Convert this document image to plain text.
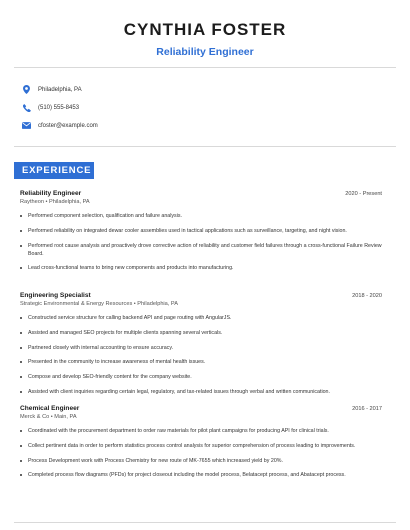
CYNTHIA FOSTER
Reliability Engineer
Philadelphia, PA
(510) 555-8453
cfoster@example.com
EXPERIENCE
Reliability Engineer	2020 - Present
Raytheon • Philadelphia, PA
Performed component selection, qualification and failure analysis.
Performed reliability on integrated dewar cooler assemblies used in tactical applications such as surveillance, targeting, and night vision.
Performed root cause analysis and proactively drove corrective action of reliability and customer field failures through a cross-functional Failure Review Board.
Lead cross-functional teams to bring new components and products into manufacturing.
Engineering Specialist	2018 - 2020
Strategic Environmental & Energy Resources • Philadelphia, PA
Constructed service structure for calling backend API and page routing with AngularJS.
Assisted and managed SEO projects for multiple clients spanning several verticals.
Partnered closely with internal accounting to ensure accuracy.
Presented in the community to increase awareness of mental health issues.
Compose and develop SEO-friendly content for the company website.
Assisted with client inquiries regarding certain legal, regulatory, and tax-related issues through verbal and written communication.
Chemical Engineer	2016 - 2017
Merck & Co • Main, PA
Coordinated with the procurement department to order raw materials for pilot plant campaigns for producing API for clinical trials.
Collect pertinent data in order to perform statistics process control analysis for superior comprehension of process leading to improvements.
Process Development work with Process Chemistry for new route of MK-7655 which increased yield by 20%.
Completed process flow diagrams (PFDs) for project closeout including the model process, Belatacept process, and Abatacept process.
